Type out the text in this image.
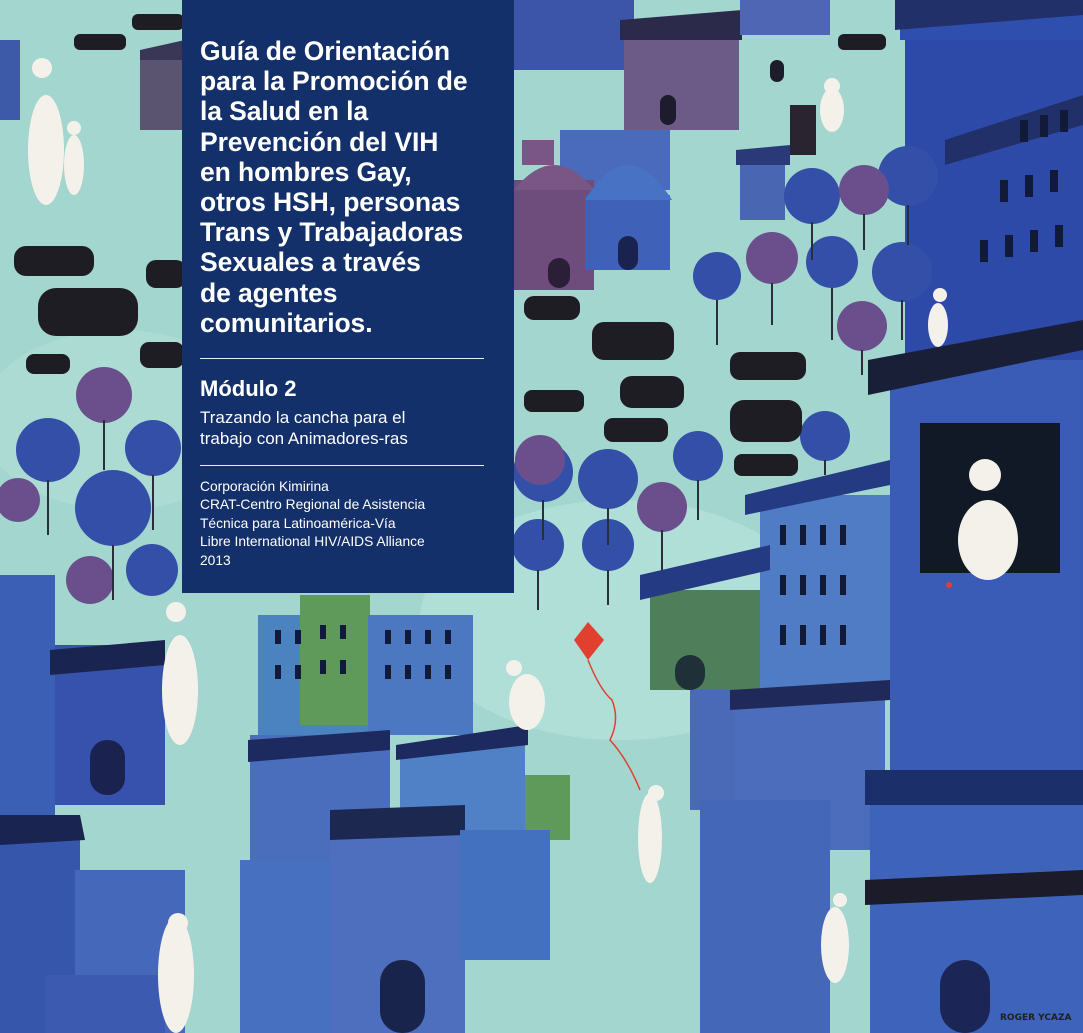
ROGER YCAZA
Guía de Orientación
para la Promoción de
la Salud en la
Prevención del VIH
en hombres Gay,
otros HSH, personas
Trans y Trabajadoras
Sexuales a través
de agentes
comunitarios.
Módulo 2

Trazando la cancha para el
trabajo con Animadores-ras

Corporación Kimirina
CRAT-Centro Regional de Asistencia
Técnica para Latinoamérica-Vía
Libre International HIV/AIDS Alliance
2013
